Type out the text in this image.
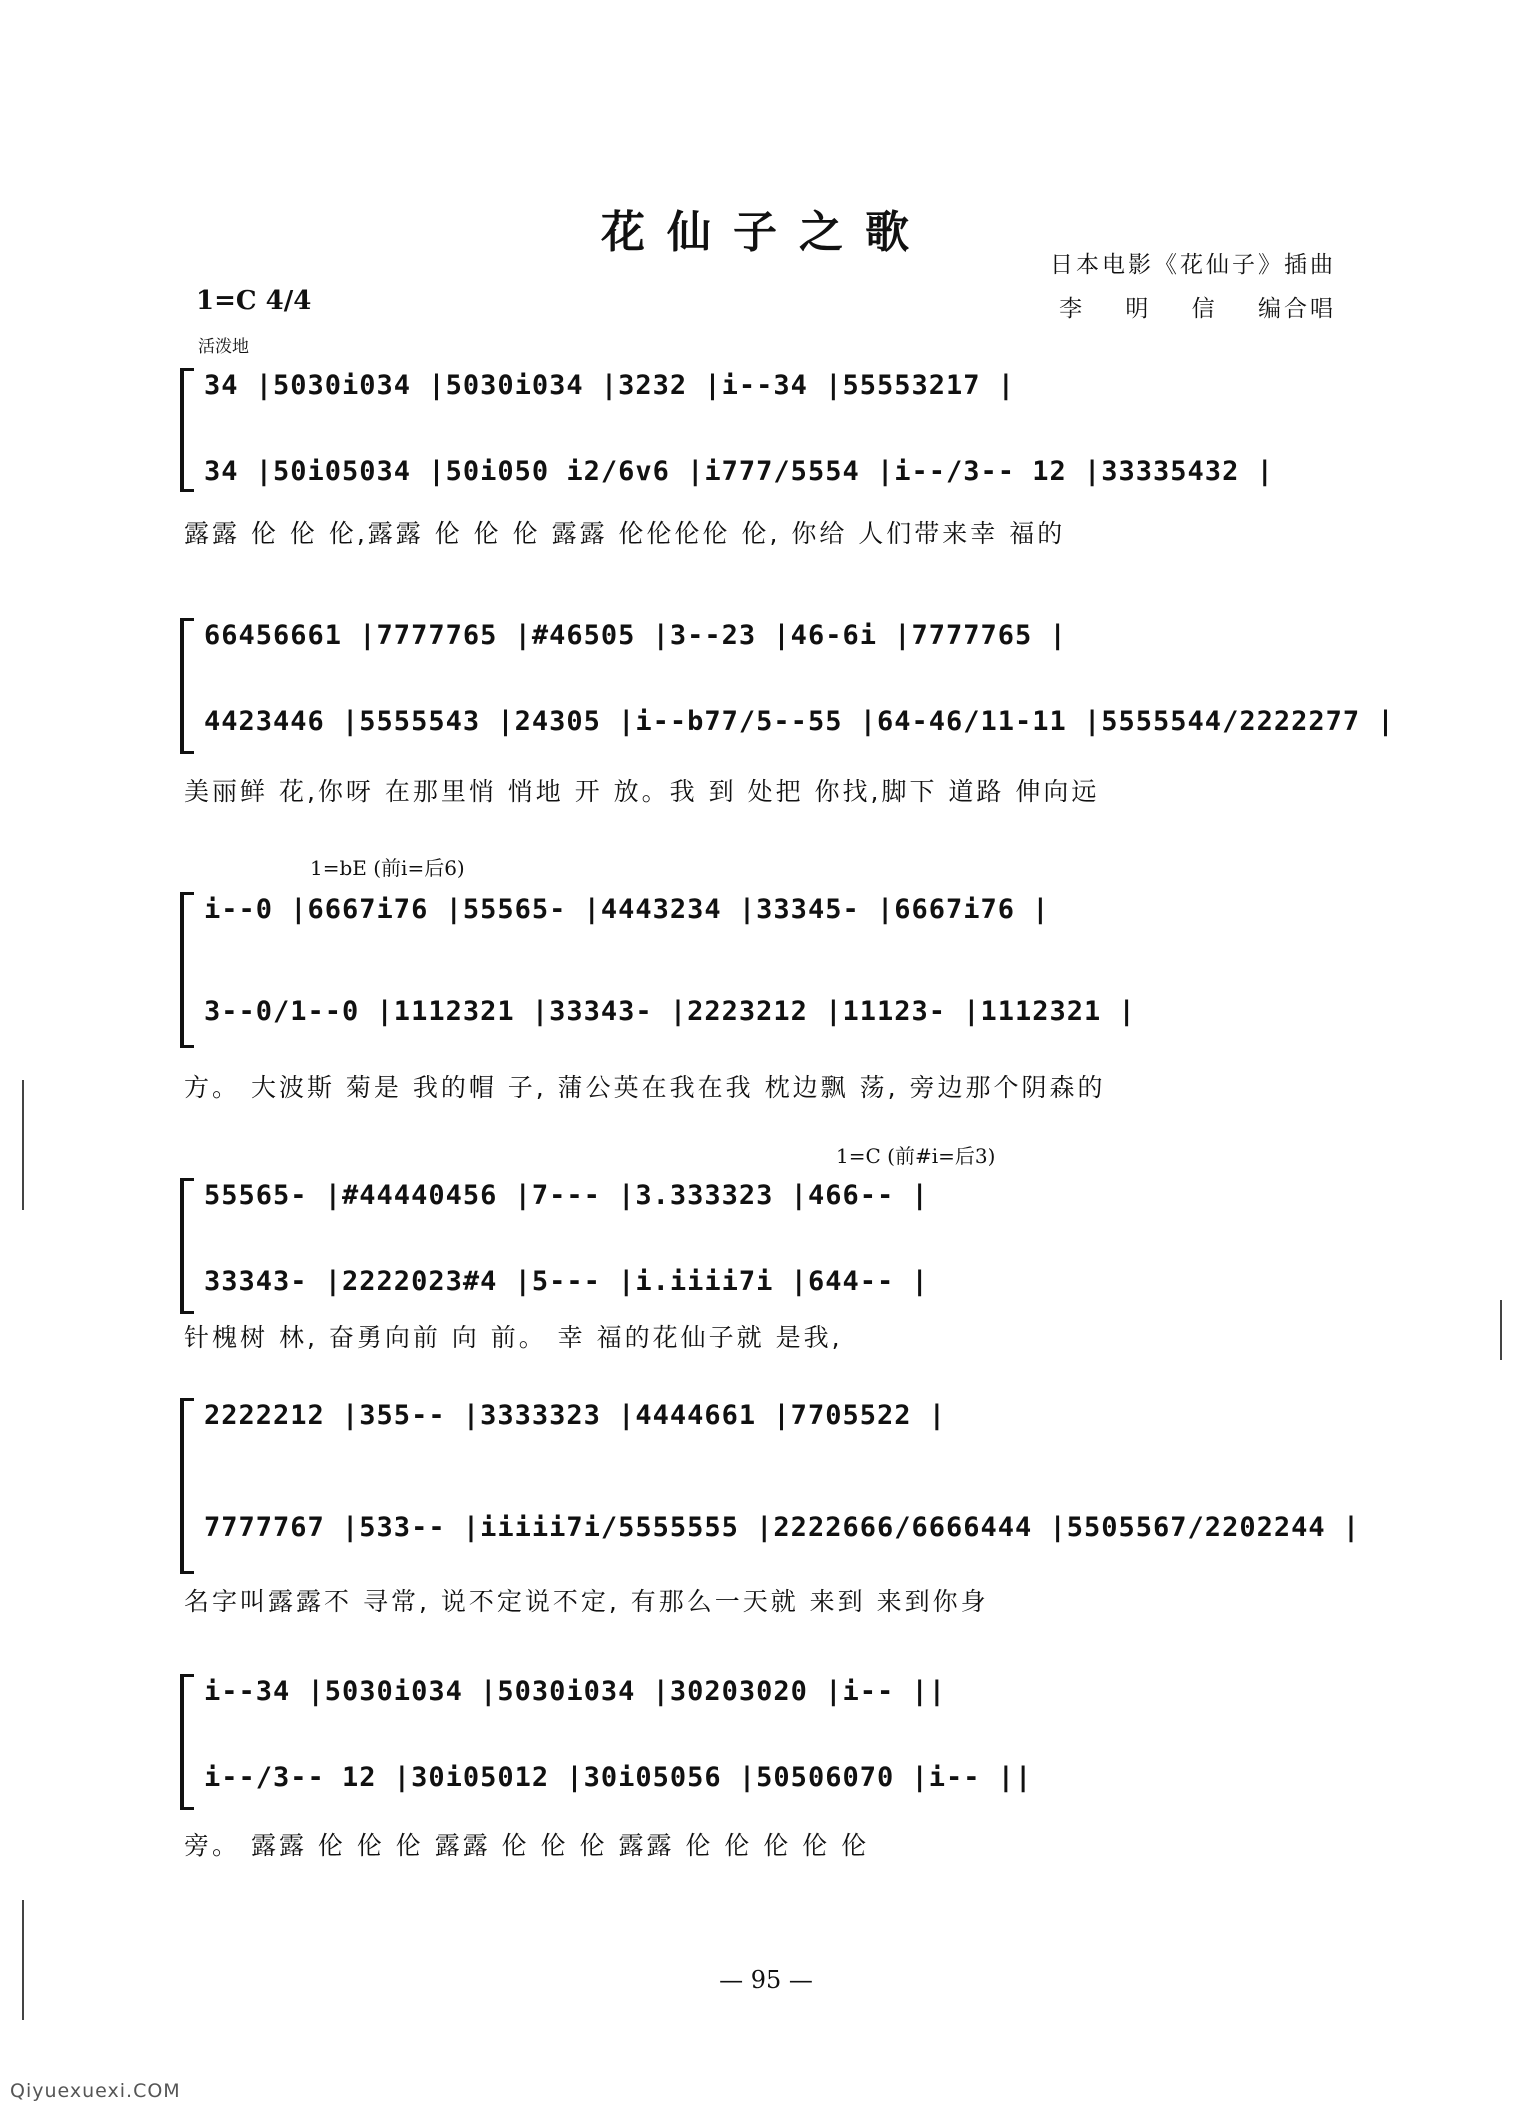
花仙子之歌
日本电影《花仙子》插曲
李 明 信 编合唱
1=C 4/4
活泼地
34 |5030i034 |5030i034 |3232 |i--34 |55553217 |
34 |50i05034 |50i050 i2/6v6 |i777/5554 |i--/3-- 12 |33335432 |
露露 伦 伦 伦,露露 伦 伦 伦 露露 伦伦伦伦 伦, 你给 人们带来幸 福的
66456661 |7777765 |#46505 |3--23 |46-6i |7777765 |
4423446 |5555543 |24305 |i--b77/5--55 |64-46/11-11 |5555544/2222277 |
美丽鲜 花,你呀 在那里悄 悄地 开 放。我 到 处把 你找,脚下 道路 伸向远
1=bE (前i=后6)
i--0 |6667i76 |55565- |4443234 |33345- |6667i76 |
3--0/1--0 |1112321 |33343- |2223212 |11123- |1112321 |
方。 大波斯 菊是 我的帽 子, 蒲公英在我在我 枕边飘 荡, 旁边那个阴森的
1=C (前#i=后3)
55565- |#44440456 |7--- |3.333323 |466-- |
33343- |2222023#4 |5--- |i.iiii7i |644-- |
针槐树 林, 奋勇向前 向 前。 幸 福的花仙子就 是我,
2222212 |355-- |3333323 |4444661 |7705522 |
7777767 |533-- |iiiii7i/5555555 |2222666/6666444 |5505567/2202244 |
名字叫露露不 寻常, 说不定说不定, 有那么一天就 来到 来到你身
i--34 |5030i034 |5030i034 |30203020 |i-- ||
i--/3-- 12 |30i05012 |30i05056 |50506070 |i-- ||
旁。 露露 伦 伦 伦 露露 伦 伦 伦 露露 伦 伦 伦 伦 伦
— 95 —
Qiyuexuexi.COM
